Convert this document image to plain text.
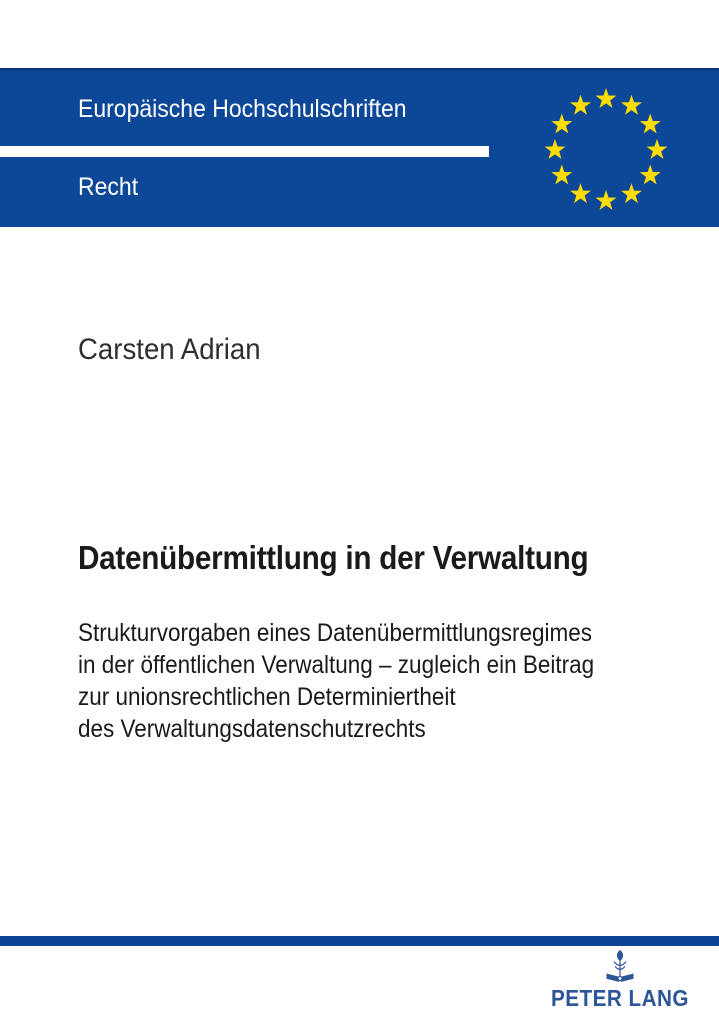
Europäische Hochschulschriften
Recht
Carsten Adrian
Datenübermittlung in der Verwaltung
Strukturvorgaben eines Datenübermittlungsregimes
in der öffentlichen Verwaltung – zugleich ein Beitrag
zur unionsrechtlichen Determiniertheit
des Verwaltungsdatenschutzrechts
PETER LANG
